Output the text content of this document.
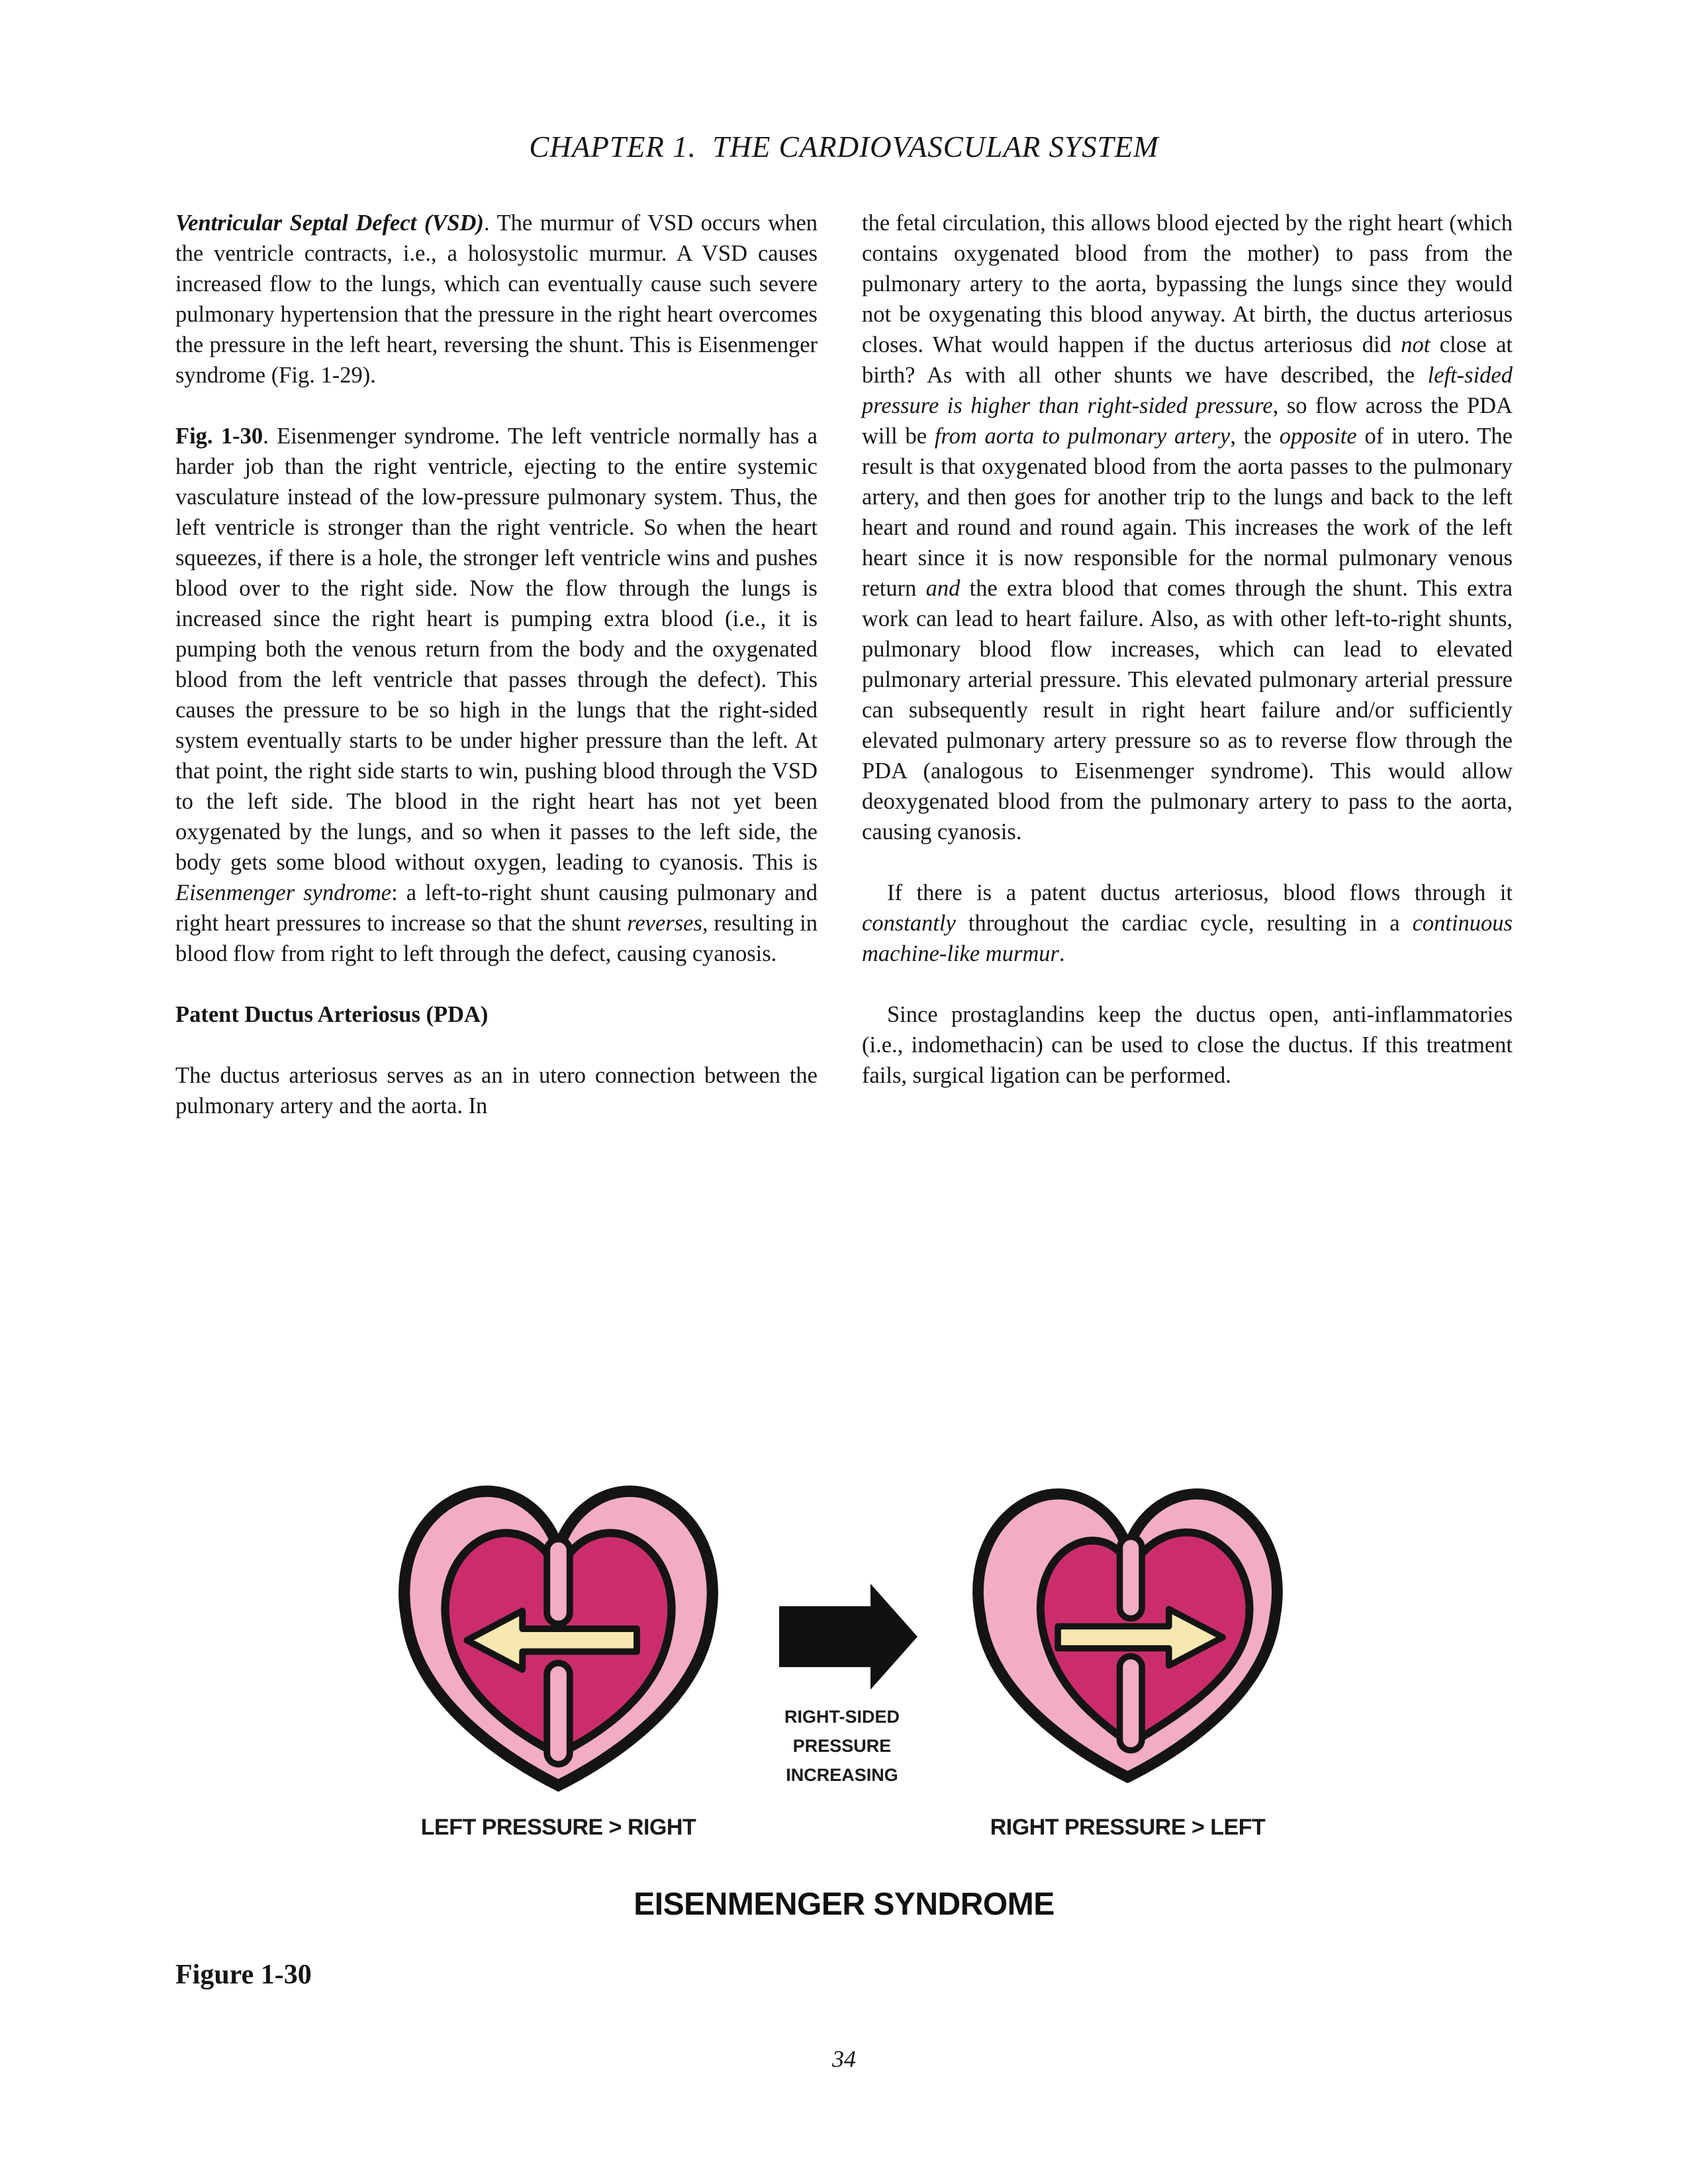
CHAPTER 1.  THE CARDIOVASCULAR SYSTEM

Ventricular Septal Defect (VSD). The murmur of VSD occurs when the ventricle contracts, i.e., a holosystolic murmur. A VSD causes increased flow to the lungs, which can eventually cause such severe pulmonary hypertension that the pressure in the right heart overcomes the pressure in the left heart, reversing the shunt. This is Eisenmenger syndrome (Fig. 1-29).

Fig. 1-30. Eisenmenger syndrome. The left ventricle normally has a harder job than the right ventricle, ejecting to the entire systemic vasculature instead of the low-pressure pulmonary system. Thus, the left ventricle is stronger than the right ventricle. So when the heart squeezes, if there is a hole, the stronger left ventricle wins and pushes blood over to the right side. Now the flow through the lungs is increased since the right heart is pumping extra blood (i.e., it is pumping both the venous return from the body and the oxygenated blood from the left ventricle that passes through the defect). This causes the pressure to be so high in the lungs that the right-sided system eventually starts to be under higher pressure than the left. At that point, the right side starts to win, pushing blood through the VSD to the left side. The blood in the right heart has not yet been oxygenated by the lungs, and so when it passes to the left side, the body gets some blood without oxygen, leading to cyanosis. This is Eisenmenger syndrome: a left-to-right shunt causing pulmonary and right heart pressures to increase so that the shunt reverses, resulting in blood flow from right to left through the defect, causing cyanosis.

Patent Ductus Arteriosus (PDA)

The ductus arteriosus serves as an in utero connection between the pulmonary artery and the aorta. In

the fetal circulation, this allows blood ejected by the right heart (which contains oxygenated blood from the mother) to pass from the pulmonary artery to the aorta, bypassing the lungs since they would not be oxygenating this blood anyway. At birth, the ductus arteriosus closes. What would happen if the ductus arteriosus did not close at birth? As with all other shunts we have described, the left-sided pressure is higher than right-sided pressure, so flow across the PDA will be from aorta to pulmonary artery, the opposite of in utero. The result is that oxygenated blood from the aorta passes to the pulmonary artery, and then goes for another trip to the lungs and back to the left heart and round and round again. This increases the work of the left heart since it is now responsible for the normal pulmonary venous return and the extra blood that comes through the shunt. This extra work can lead to heart failure. Also, as with other left-to-right shunts, pulmonary blood flow increases, which can lead to elevated pulmonary arterial pressure. This elevated pulmonary arterial pressure can subsequently result in right heart failure and/or sufficiently elevated pulmonary artery pressure so as to reverse flow through the PDA (analogous to Eisenmenger syndrome). This would allow deoxygenated blood from the pulmonary artery to pass to the aorta, causing cyanosis.

If there is a patent ductus arteriosus, blood flows through it constantly throughout the cardiac cycle, resulting in a continuous machine-like murmur.

Since prostaglandins keep the ductus open, anti-inflammatories (i.e., indomethacin) can be used to close the ductus. If this treatment fails, surgical ligation can be performed.

RIGHT-SIDED
PRESSURE
INCREASING
LEFT PRESSURE > RIGHT	RIGHT PRESSURE > LEFT
EISENMENGER SYNDROME
Figure 1-30
34
